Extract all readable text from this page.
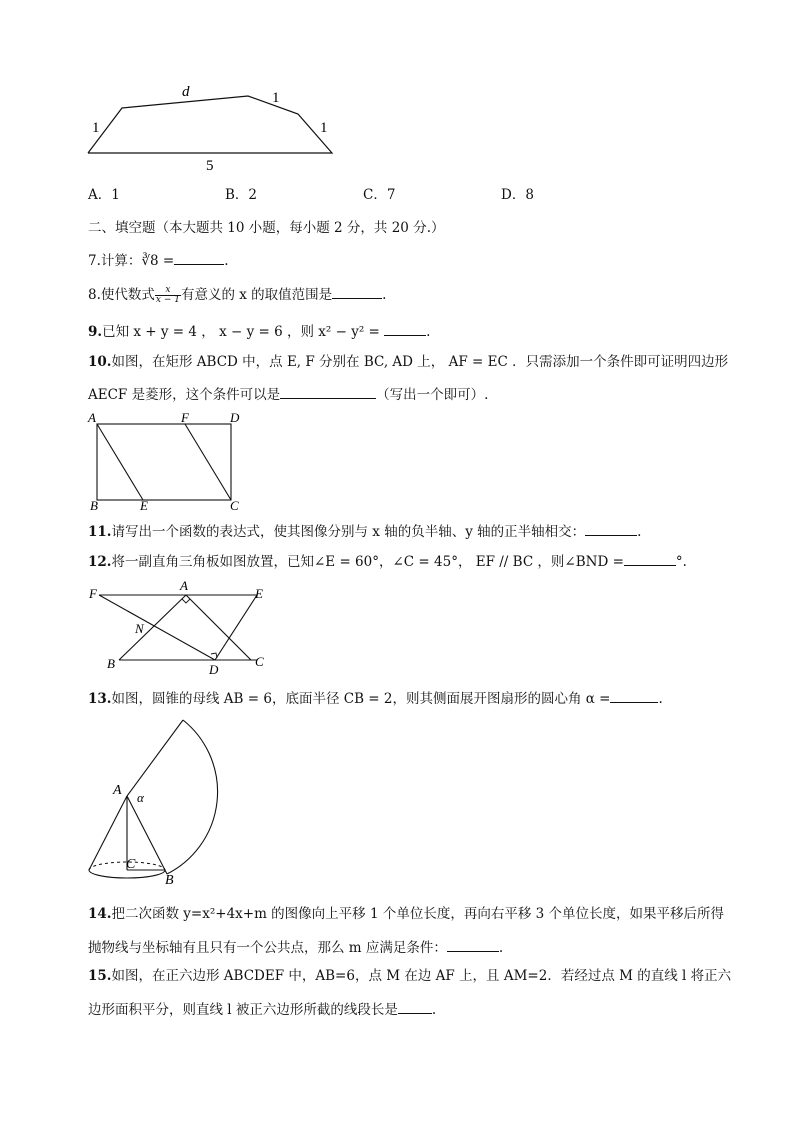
d	1
1	1
5
A．1	B．2	C．7	D．8
二、填空题（本大题共 10 小题，每小题 2 分，共 20 分.）
7.计算：∛8 =	.
8.使代数式 $\frac{x}{x - 1}$ 有意义的 x 的取值范围是	.
9.已知 x + y = 4 ， x − y = 6 ，则 x² − y² =	.
10.如图，在矩形 ABCD 中，点 E, F 分别在 BC, AD 上， AF = EC ．只需添加一个条件即可证明四边形
AECF 是菱形，这个条件可以是	（写出一个即可）.
A	F	D
B	E	C
11.请写出一个函数的表达式，使其图像分别与 x 轴的负半轴、y 轴的正半轴相交：	.
12.将一副直角三角板如图放置，已知∠E = 60°，∠C = 45°， EF // BC ，则∠BND =	°.
F
A
E
N
B	D
C
13.如图，圆锥的母线 AB = 6，底面半径 CB = 2，则其侧面展开图扇形的圆心角 α =	.
A α
C
B
14.把二次函数 y=x²+4x+m 的图像向上平移 1 个单位长度，再向右平移 3 个单位长度，如果平移后所得
抛物线与坐标轴有且只有一个公共点，那么 m 应满足条件：	.
15.如图，在正六边形 ABCDEF 中，AB=6，点 M 在边 AF 上，且 AM=2．若经过点 M 的直线 l 将正六
边形面积平分，则直线 l 被正六边形所截的线段长是	.
